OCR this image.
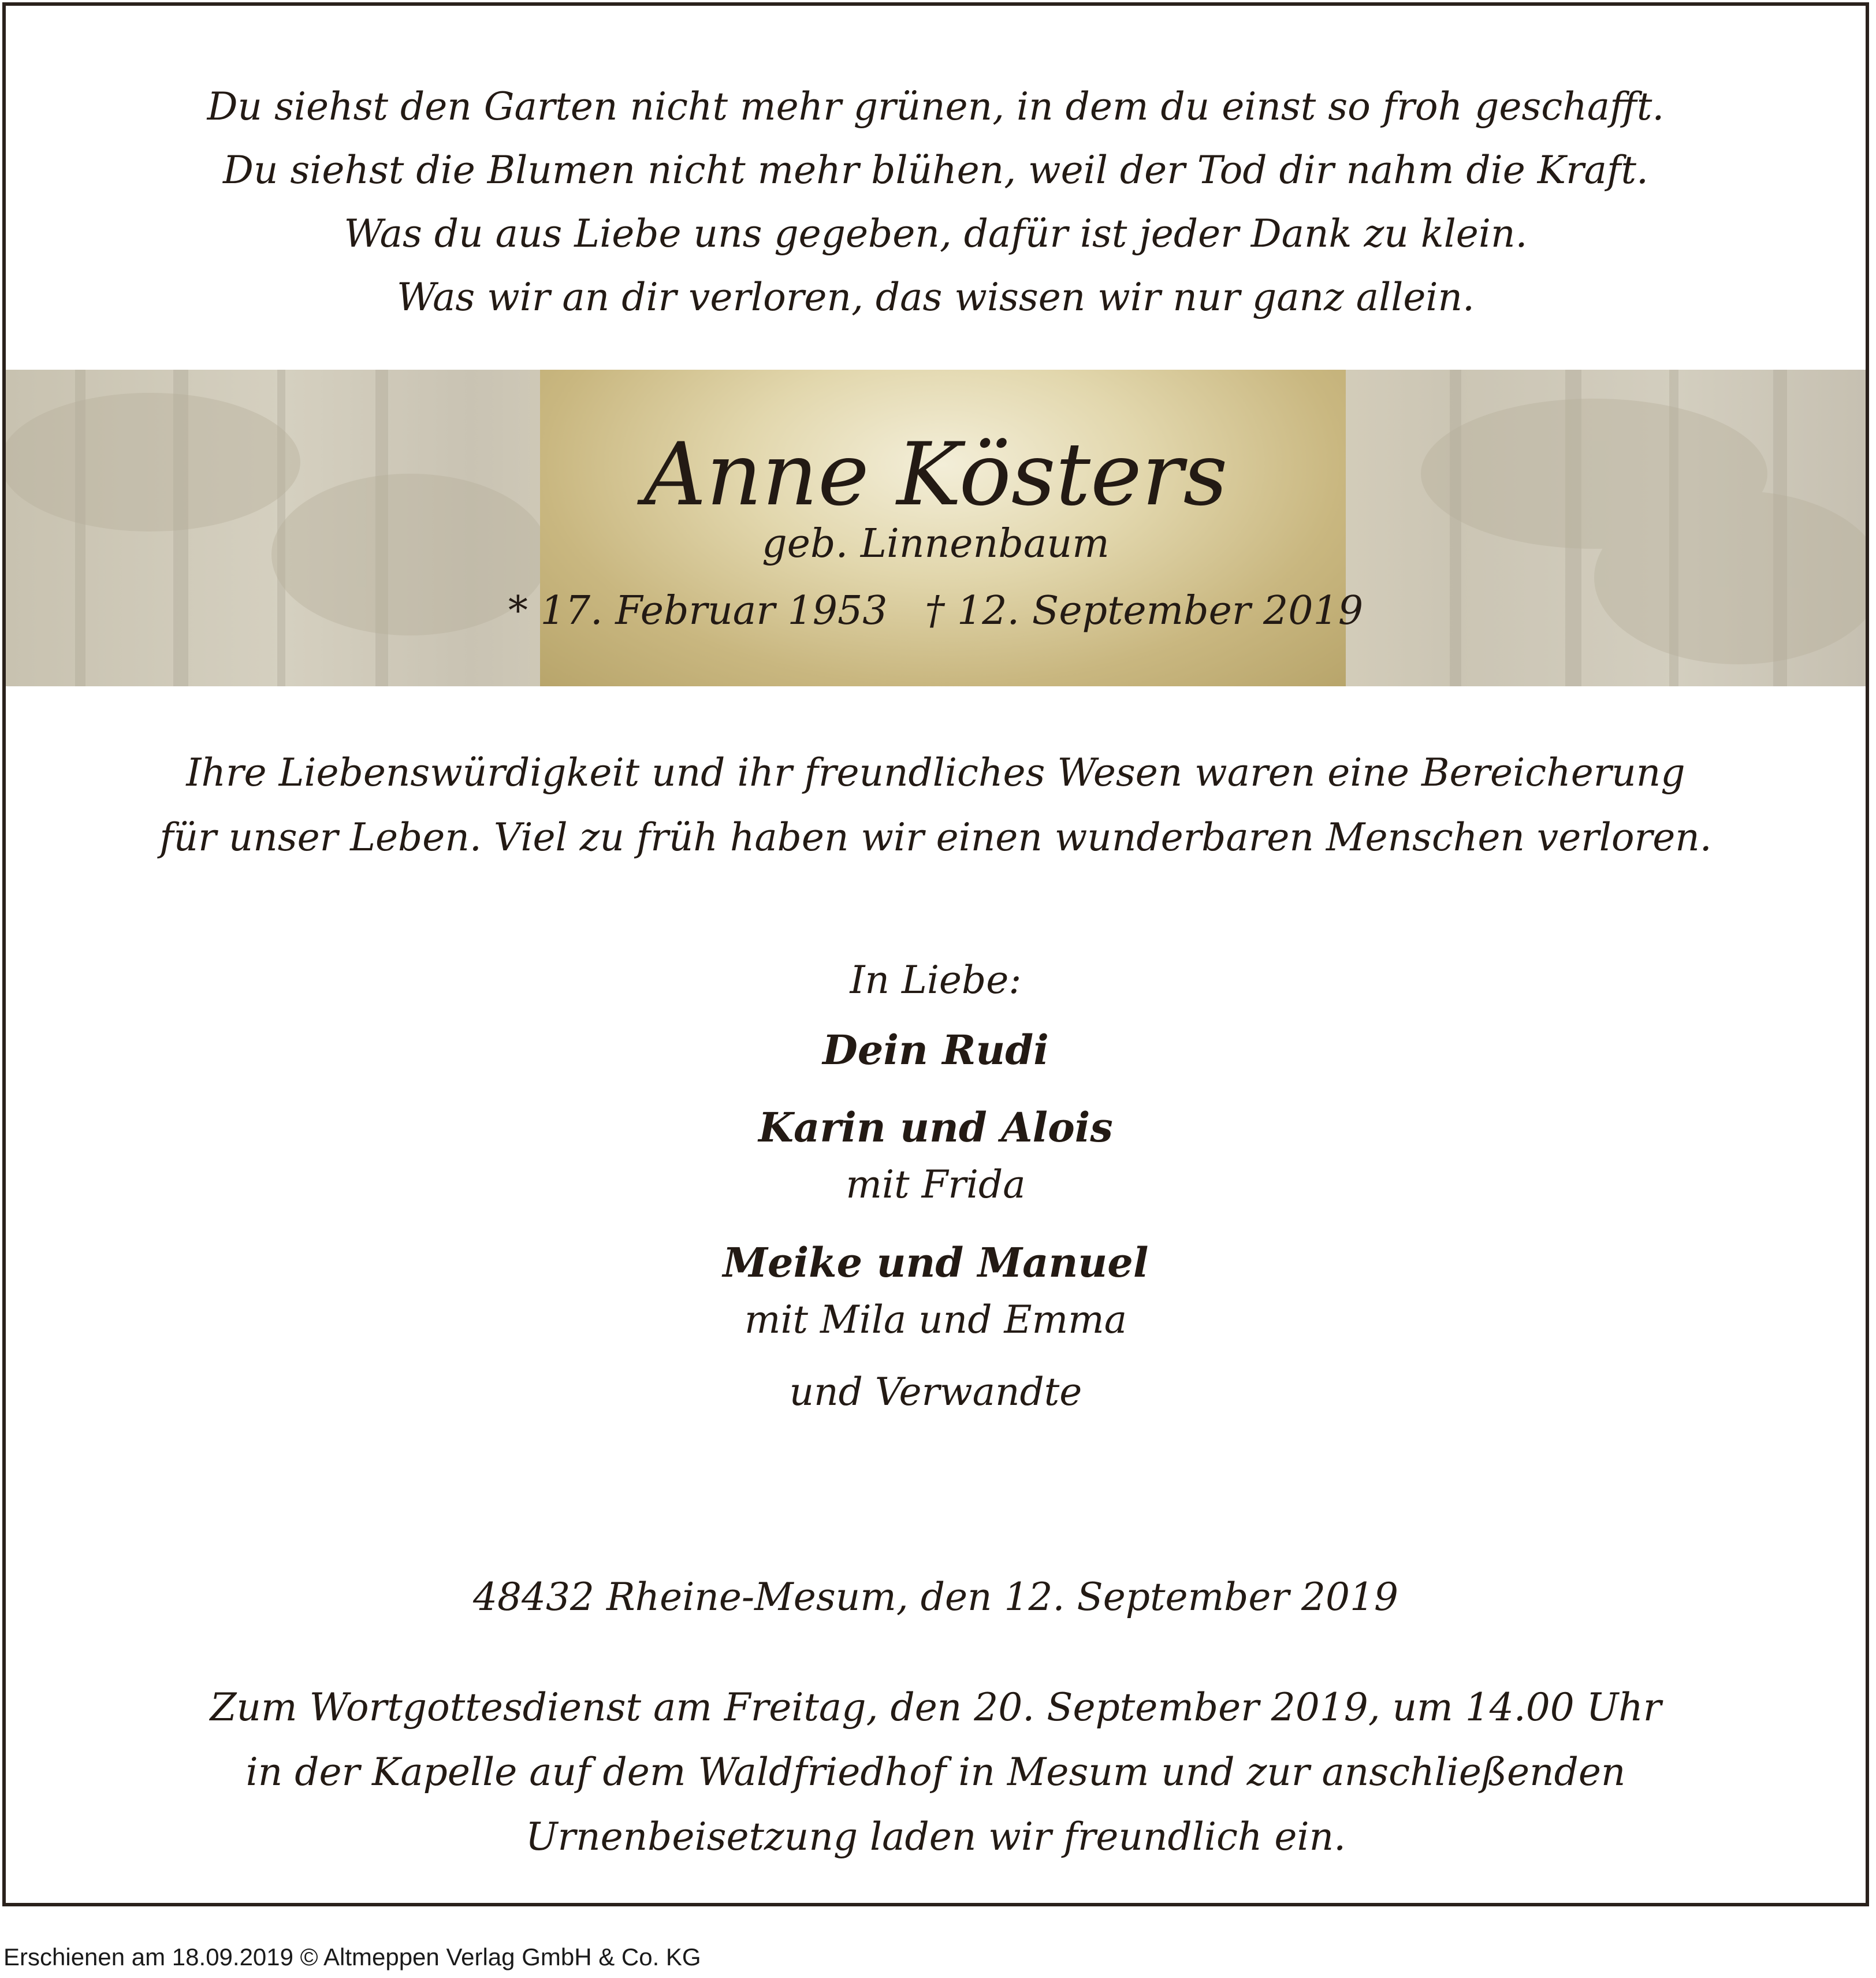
Du siehst den Garten nicht mehr grünen, in dem du einst so froh geschafft.
Du siehst die Blumen nicht mehr blühen, weil der Tod dir nahm die Kraft.
Was du aus Liebe uns gegeben, dafür ist jeder Dank zu klein.
Was wir an dir verloren, das wissen wir nur ganz allein.
Anne Kösters
geb. Linnenbaum
* 17. Februar 1953   † 12. September 2019
Ihre Liebenswürdigkeit und ihr freundliches Wesen waren eine Bereicherung
für unser Leben. Viel zu früh haben wir einen wunderbaren Menschen verloren.
In Liebe:
Dein Rudi
Karin und Alois
mit Frida
Meike und Manuel
mit Mila und Emma
und Verwandte
48432 Rheine-Mesum, den 12. September 2019
Zum Wortgottesdienst am Freitag, den 20. September 2019, um 14.00 Uhr
in der Kapelle auf dem Waldfriedhof in Mesum und zur anschließenden
Urnenbeisetzung laden wir freundlich ein.
Erschienen am 18.09.2019 © Altmeppen Verlag GmbH & Co. KG
